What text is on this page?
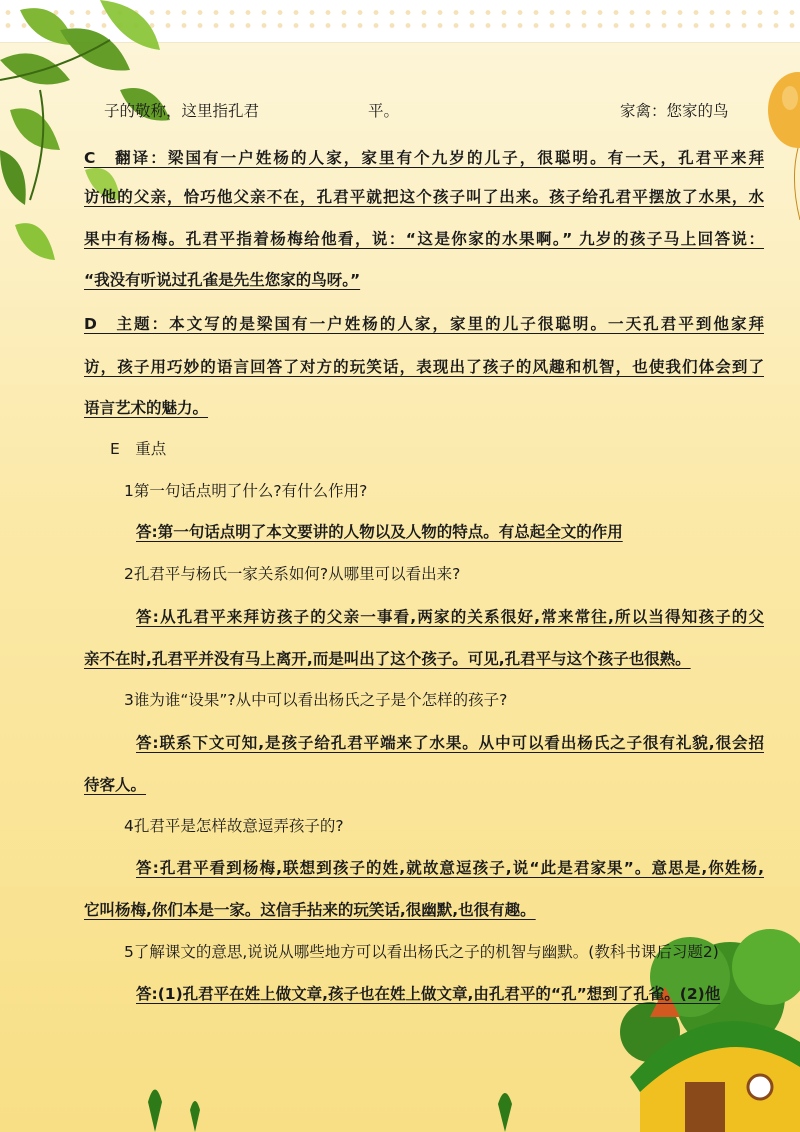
子的敬称，这里指孔君	平。	家禽：您家的鸟
C　翻译：梁国有一户姓杨的人家，家里有个九岁的儿子，很聪明。有一天，孔君平来拜
访他的父亲，恰巧他父亲不在，孔君平就把这个孩子叫了出来。孩子给孔君平摆放了水果，水
果中有杨梅。孔君平指着杨梅给他看，说：“这是你家的水果啊。” 九岁的孩子马上回答说：
“我没有听说过孔雀是先生您家的鸟呀。”
D　主题：本文写的是梁国有一户姓杨的人家，家里的儿子很聪明。一天孔君平到他家拜
访，孩子用巧妙的语言回答了对方的玩笑话，表现出了孩子的风趣和机智，也使我们体会到了
语言艺术的魅力。
E　重点
1第一句话点明了什么?有什么作用?
答:第一句话点明了本文要讲的人物以及人物的特点。有总起全文的作用
2孔君平与杨氏一家关系如何?从哪里可以看出来?
答:从孔君平来拜访孩子的父亲一事看,两家的关系很好,常来常往,所以当得知孩子的父
亲不在时,孔君平并没有马上离开,而是叫出了这个孩子。可见,孔君平与这个孩子也很熟。
3谁为谁“设果”?从中可以看出杨氏之子是个怎样的孩子?
答:联系下文可知,是孩子给孔君平端来了水果。从中可以看出杨氏之子很有礼貌,很会招
待客人。
4孔君平是怎样故意逗弄孩子的?
答:孔君平看到杨梅,联想到孩子的姓,就故意逗孩子,说“此是君家果”。意思是,你姓杨,
它叫杨梅,你们本是一家。这信手拈来的玩笑话,很幽默,也很有趣。
5了解课文的意思,说说从哪些地方可以看出杨氏之子的机智与幽默。(教科书课后习题2)
答:(1)孔君平在姓上做文章,孩子也在姓上做文章,由孔君平的“孔”想到了孔雀。(2)他
